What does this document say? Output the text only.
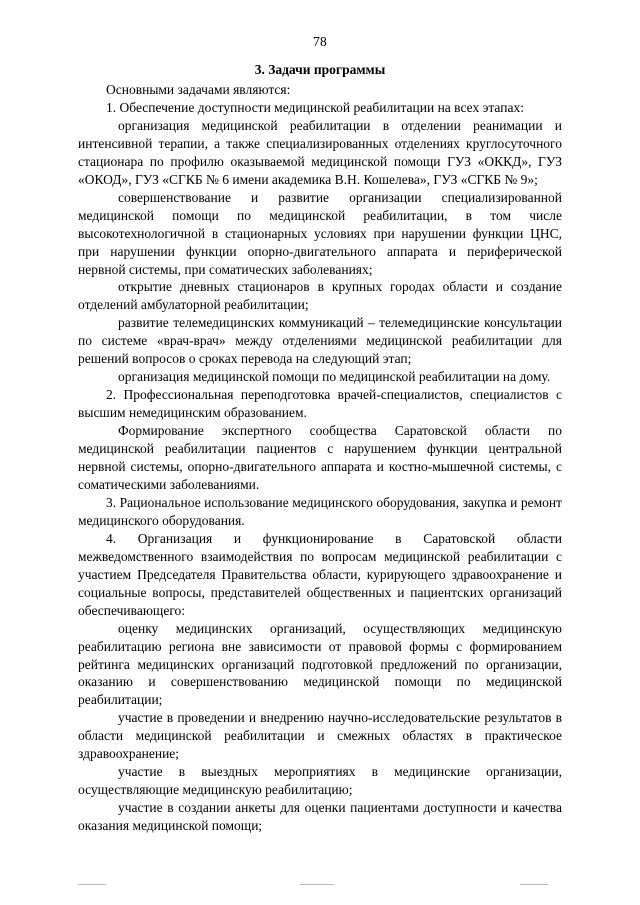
78
3. Задачи программы

Основными задачами являются:

1. Обеспечение доступности медицинской реабилитации на всех этапах:

организация медицинской реабилитации в отделении реанимации и интенсивной терапии, а также специализированных отделениях круглосуточного стационара по профилю оказываемой медицинской помощи ГУЗ «ОККД», ГУЗ «ОКОД», ГУЗ «СГКБ № 6 имени академика В.Н. Кошелева», ГУЗ «СГКБ № 9»;

совершенствование и развитие организации специализированной медицинской помощи по медицинской реабилитации, в том числе высокотехнологичной в стационарных условиях при нарушении функции ЦНС, при нарушении функции опорно-двигательного аппарата и периферической нервной системы, при соматических заболеваниях;

открытие дневных стационаров в крупных городах области и создание отделений амбулаторной реабилитации;

развитие телемедицинских коммуникаций – телемедицинские консультации по системе «врач-врач» между отделениями медицинской реабилитации для решений вопросов о сроках перевода на следующий этап;

организация медицинской помощи по медицинской реабилитации на дому.

2. Профессиональная переподготовка врачей-специалистов, специалистов с высшим немедицинским образованием.

Формирование экспертного сообщества Саратовской области по медицинской реабилитации пациентов с нарушением функции центральной нервной системы, опорно-двигательного аппарата и костно-мышечной системы, с соматическими заболеваниями.

3. Рациональное использование медицинского оборудования, закупка и ремонт медицинского оборудования.

4. Организация и функционирование в Саратовской области межведомственного взаимодействия по вопросам медицинской реабилитации с участием Председателя Правительства области, курирующего здравоохранение и социальные вопросы, представителей общественных и пациентских организаций обеспечивающего:

оценку медицинских организаций, осуществляющих медицинскую реабилитацию региона вне зависимости от правовой формы с формированием рейтинга медицинских организаций подготовкой предложений по организации, оказанию и совершенствованию медицинской помощи по медицинской реабилитации;

участие в проведении и внедрению научно-исследовательские результатов в области медицинской реабилитации и смежных областях в практическое здравоохранение;

участие в выездных мероприятиях в медицинские организации, осуществляющие медицинскую реабилитацию;

участие в создании анкеты для оценки пациентами доступности и качества оказания медицинской помощи;
